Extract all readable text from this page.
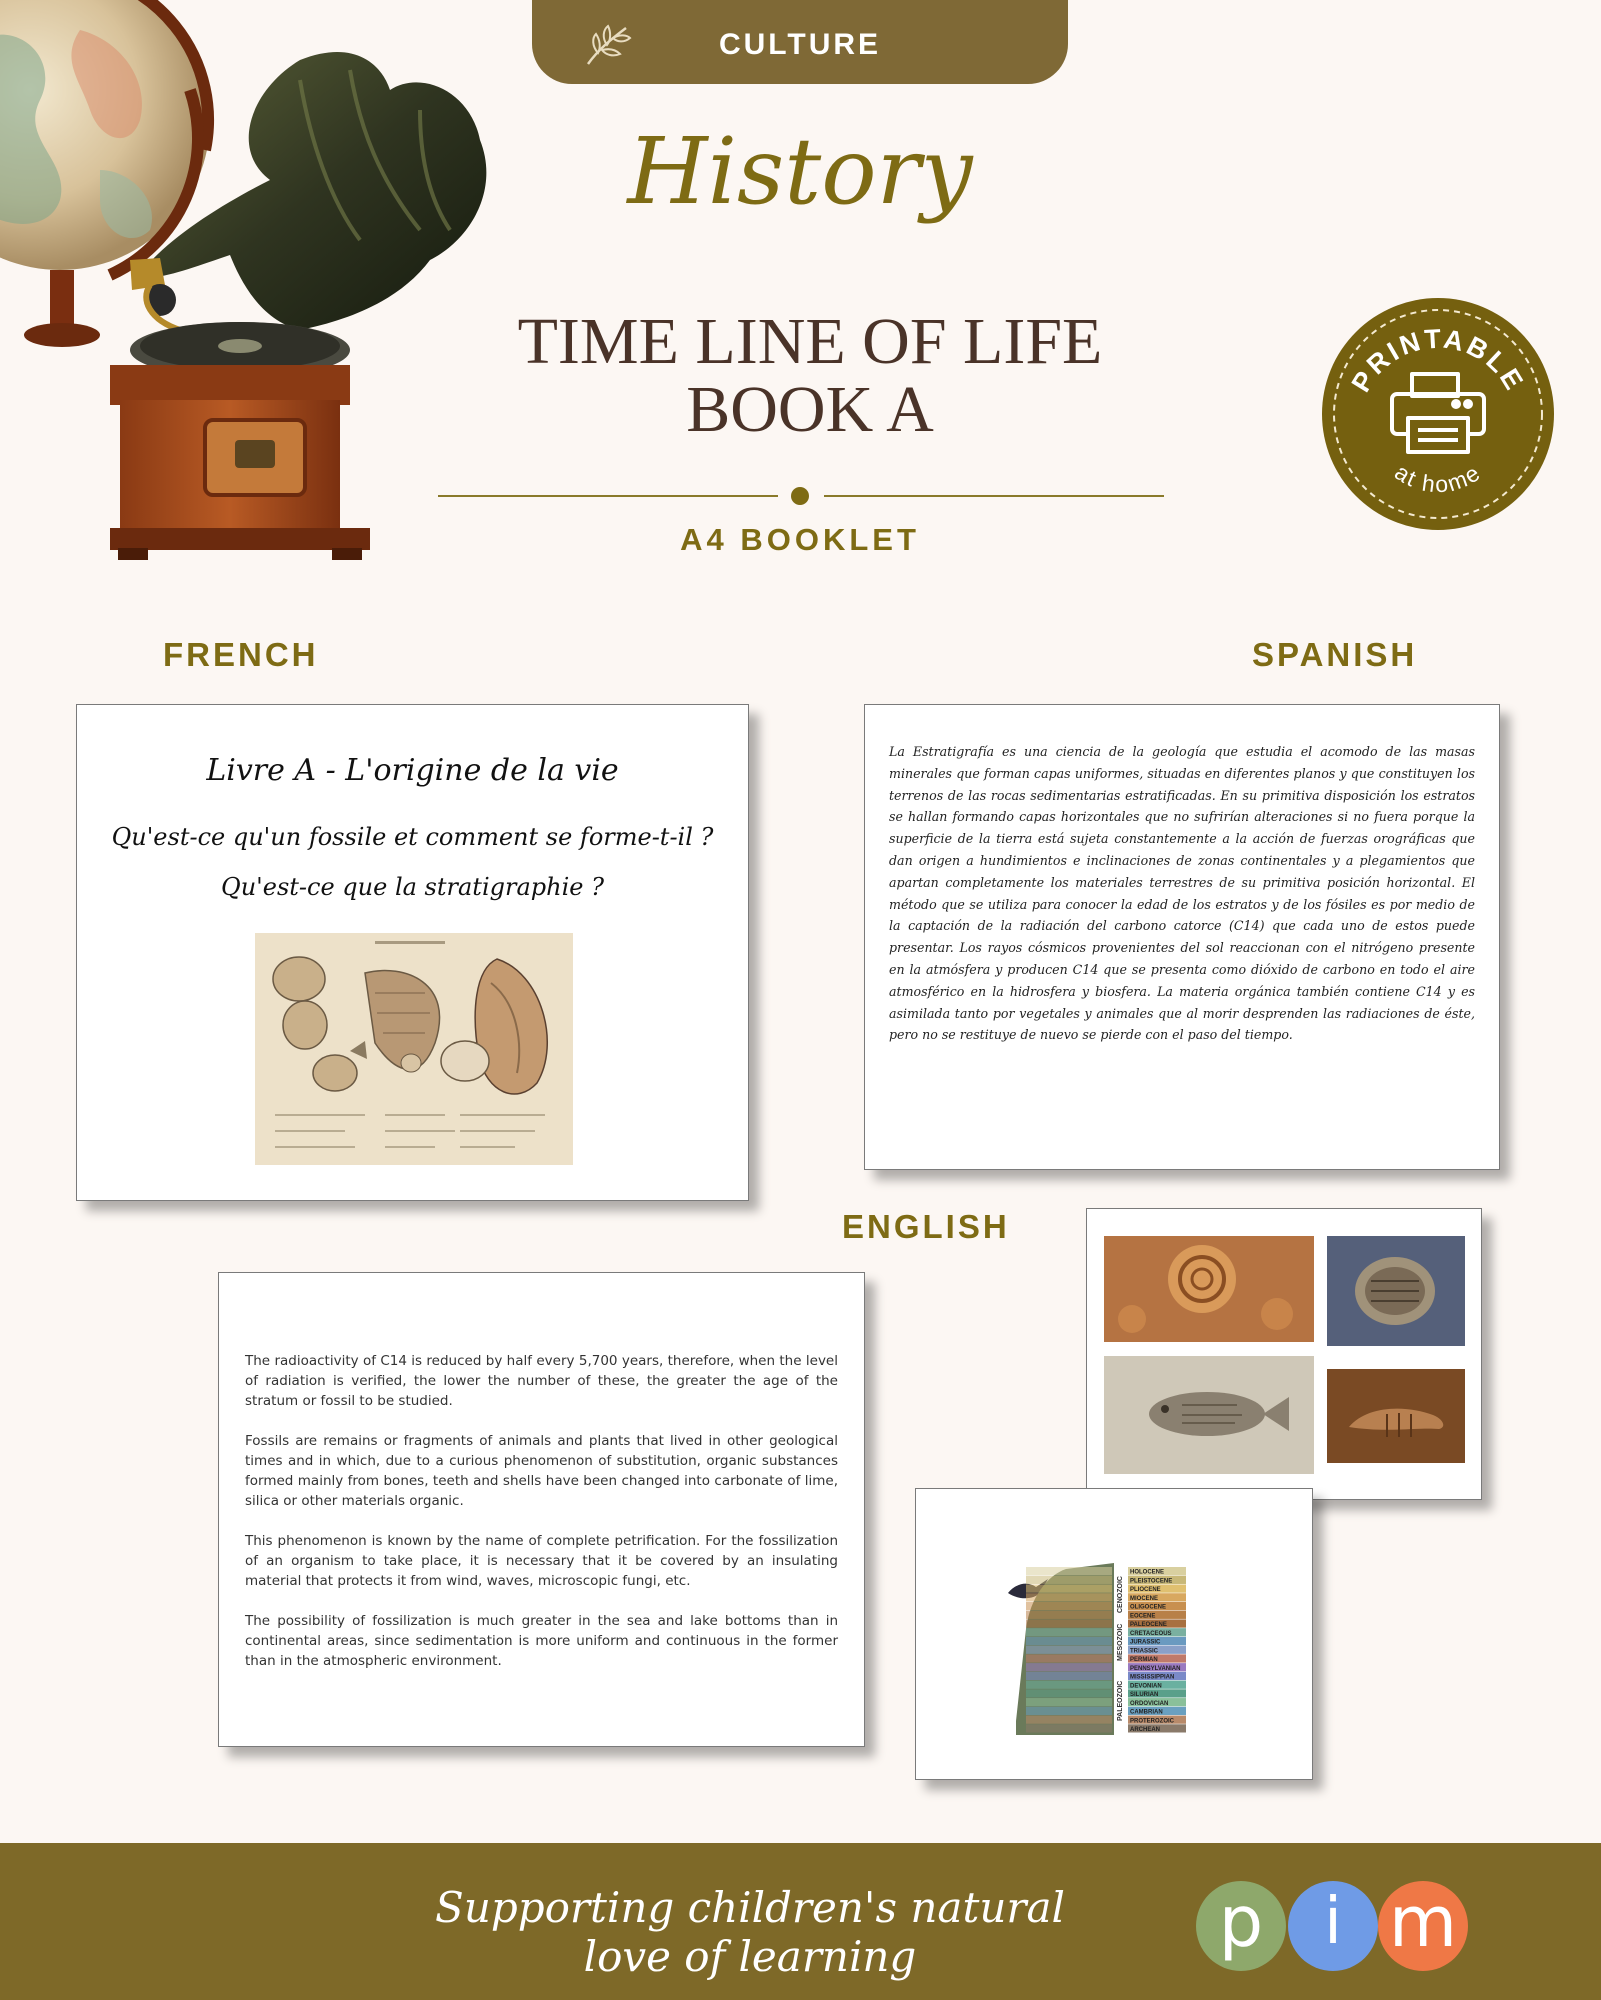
CULTURE
History
TIME LINE OF LIFE
BOOK A
A4 BOOKLET
PRINTABLE
at home
FRENCH	SPANISH
ENGLISH
Livre A - L'origine de la vie
Qu'est-ce qu'un fossile et comment se forme-t-il ?
Qu'est-ce que la stratigraphie ?
La Estratigrafía es una ciencia de la geología que estudia el acomodo de las masas minerales que forman capas uniformes, situadas en diferentes planos y que constituyen los terrenos de las rocas sedimentarias estratificadas. En su primitiva disposición los estratos se hallan formando capas horizontales que no sufrirían alteraciones si no fuera porque la superficie de la tierra está sujeta constantemente a la acción de fuerzas orográficas que dan origen a hundimientos e inclinaciones de zonas continentales y a plegamientos que apartan completamente los materiales terrestres de su primitiva posición horizontal. El método que se utiliza para conocer la edad de los estratos y de los fósiles es por medio de la captación de la radiación del carbono catorce (C14) que cada uno de estos puede presentar. Los rayos cósmicos provenientes del sol reaccionan con el nitrógeno presente en la atmósfera y producen C14 que se presenta como dióxido de carbono en todo el aire atmosférico en la hidrosfera y biosfera. La materia orgánica también contiene C14 y es asimilada tanto por vegetales y animales que al morir desprenden las radiaciones de éste, pero no se restituye de nuevo se pierde con el paso del tiempo.

The radioactivity of C14 is reduced by half every 5,700 years, therefore, when the level of radiation is verified, the lower the number of these, the greater the age of the stratum or fossil to be studied.

Fossils are remains or fragments of animals and plants that lived in other geological times and in which, due to a curious phenomenon of substitution, organic substances formed mainly from bones, teeth and shells have been changed into carbonate of lime, silica or other materials organic.

This phenomenon is known by the name of complete petrification. For the fossilization of an organism to take place, it is necessary that it be covered by an insulating material that protects it from wind, waves, microscopic fungi, etc.

The possibility of fossilization is much greater in the sea and lake bottoms than in continental areas, since sedimentation is more uniform and continuous in the former than in the atmospheric environment.

HOLOCENE
PLEISTOCENE
PLIOCENE
MIOCENE
OLIGOCENE
EOCENE
PALEOCENE
CRETACEOUS
JURASSIC
TRIASSIC
PERMIAN
PENNSYLVANIAN
MISSISSIPPIAN
DEVONIAN
SILURIAN
ORDOVICIAN
CAMBRIAN
PROTEROZOIC
ARCHEAN
CENOZOIC
MESOZOIC
PALEOZOIC
Supporting children's natural love of learning	p i m
